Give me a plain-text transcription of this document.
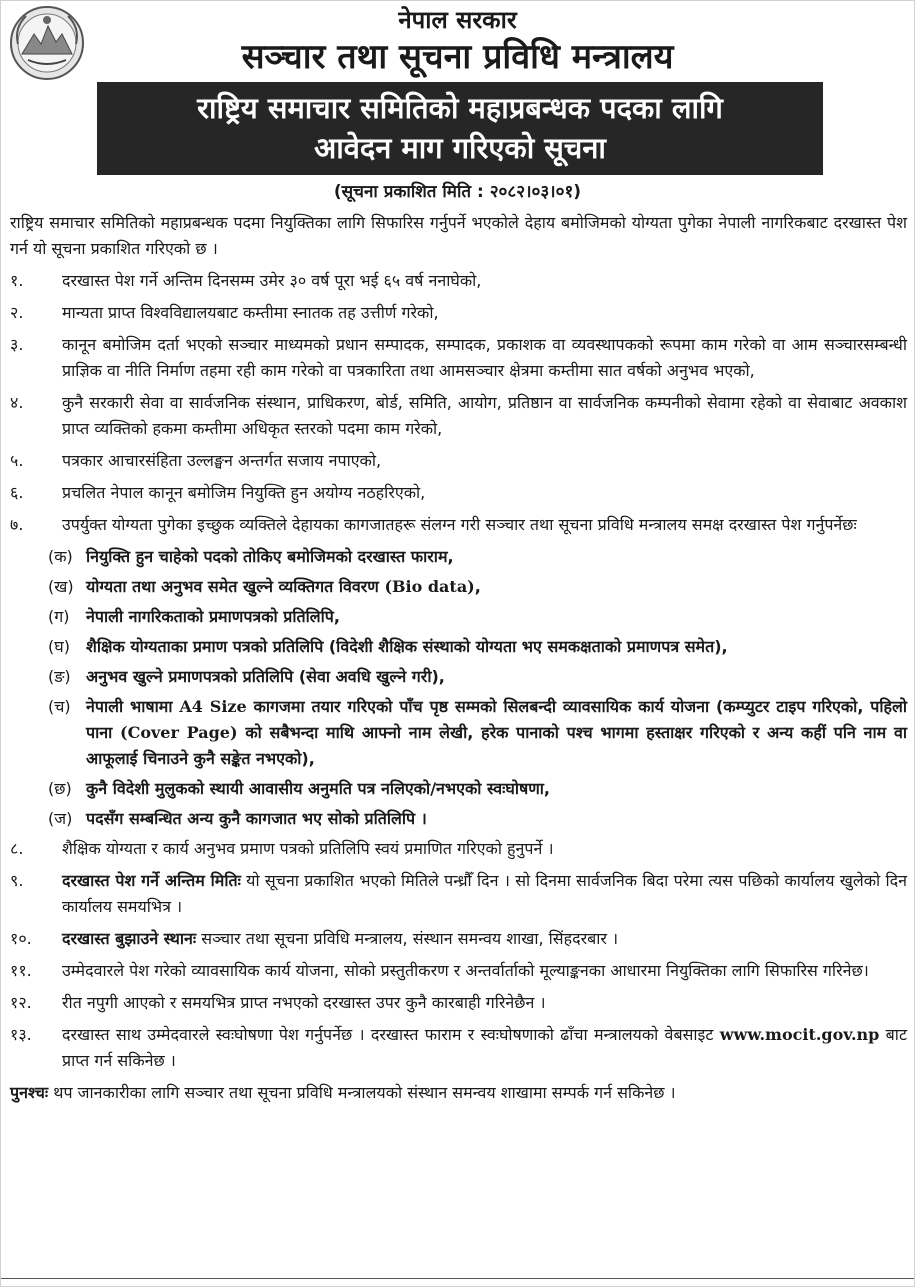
नेपाल सरकार
सञ्चार तथा सूचना प्रविधि मन्त्रालय
राष्ट्रिय समाचार समितिको महाप्रबन्धक पदका लागि
आवेदन माग गरिएको सूचना
(सूचना प्रकाशित मिति : २०८२।०३।०१)

राष्ट्रिय समाचार समितिको महाप्रबन्धक पदमा नियुक्तिका लागि सिफारिस गर्नुपर्ने भएकोले देहाय बमोजिमको योग्यता पुगेका नेपाली नागरिकबाट दरखास्त पेश गर्न यो सूचना प्रकाशित गरिएको छ ।

१.	दरखास्त पेश गर्ने अन्तिम दिनसम्म उमेर ३० वर्ष पूरा भई ६५ वर्ष ननाघेको,
२.	मान्यता प्राप्त विश्वविद्यालयबाट कम्तीमा स्नातक तह उत्तीर्ण गरेको,
३.	कानून बमोजिम दर्ता भएको सञ्चार माध्यमको प्रधान सम्पादक, सम्पादक, प्रकाशक वा व्यवस्थापकको रूपमा काम गरेको वा आम सञ्चारसम्बन्धी प्राज्ञिक वा नीति निर्माण तहमा रही काम गरेको वा पत्रकारिता तथा आमसञ्चार क्षेत्रमा कम्तीमा सात वर्षको अनुभव भएको,
४.	कुनै सरकारी सेवा वा सार्वजनिक संस्थान, प्राधिकरण, बोर्ड, समिति, आयोग, प्रतिष्ठान वा सार्वजनिक कम्पनीको सेवामा रहेको वा सेवाबाट अवकाश प्राप्त व्यक्तिको हकमा कम्तीमा अधिकृत स्तरको पदमा काम गरेको,
५.	पत्रकार आचारसंहिता उल्लङ्घन अन्तर्गत सजाय नपाएको,
६.	प्रचलित नेपाल कानून बमोजिम नियुक्ति हुन अयोग्य नठहरिएको,
७.	उपर्युक्त योग्यता पुगेका इच्छुक व्यक्तिले देहायका कागजातहरू संलग्न गरी सञ्चार तथा सूचना प्रविधि मन्त्रालय समक्ष दरखास्त पेश गर्नुपर्नेछः
(क) नियुक्ति हुन चाहेको पदको तोकिए बमोजिमको दरखास्त फाराम,
(ख) योग्यता तथा अनुभव समेत खुल्ने व्यक्तिगत विवरण (Bio data),
(ग)	नेपाली नागरिकताको प्रमाणपत्रको प्रतिलिपि,
(घ)	शैक्षिक योग्यताका प्रमाण पत्रको प्रतिलिपि (विदेशी शैक्षिक संस्थाको योग्यता भए समकक्षताको प्रमाणपत्र समेत),
(ङ) अनुभव खुल्ने प्रमाणपत्रको प्रतिलिपि (सेवा अवधि खुल्ने गरी),
(च) नेपाली भाषामा A4 Size कागजमा तयार गरिएको पाँच पृष्ठ सम्मको सिलबन्दी व्यावसायिक कार्य योजना (कम्प्युटर टाइप गरिएको, पहिलो पाना (Cover Page) को सबैभन्दा माथि आफ्नो नाम लेखी, हरेक पानाको पश्च भागमा हस्ताक्षर गरिएको र अन्य कहीं पनि नाम वा आफूलाई चिनाउने कुनै सङ्केत नभएको),
(छ) कुनै विदेशी मुलुकको स्थायी आवासीय अनुमति पत्र नलिएको/नभएको स्वःघोषणा,
(ज) पदसँग सम्बन्धित अन्य कुनै कागजात भए सोको प्रतिलिपि ।
८.	शैक्षिक योग्यता र कार्य अनुभव प्रमाण पत्रको प्रतिलिपि स्वयं प्रमाणित गरिएको हुनुपर्ने ।
९.	दरखास्त पेश गर्ने अन्तिम मितिः यो सूचना प्रकाशित भएको मितिले पन्ध्रौँ दिन । सो दिनमा सार्वजनिक बिदा परेमा त्यस पछिको कार्यालय खुलेको दिन कार्यालय समयभित्र ।
१०.	दरखास्त बुझाउने स्थानः सञ्चार तथा सूचना प्रविधि मन्त्रालय, संस्थान समन्वय शाखा, सिंहदरबार ।
११.	उम्मेदवारले पेश गरेको व्यावसायिक कार्य योजना, सोको प्रस्तुतीकरण र अन्तर्वार्ताको मूल्याङ्कनका आधारमा नियुक्तिका लागि सिफारिस गरिनेछ।
१२.	रीत नपुगी आएको र समयभित्र प्राप्त नभएको दरखास्त उपर कुनै कारबाही गरिनेछैन ।
१३.	दरखास्त साथ उम्मेदवारले स्वःघोषणा पेश गर्नुपर्नेछ । दरखास्त फाराम र स्वःघोषणाको ढाँचा मन्त्रालयको वेबसाइट www.mocit.gov.np बाट प्राप्त गर्न सकिनेछ ।
पुनश्चः थप जानकारीका लागि सञ्चार तथा सूचना प्रविधि मन्त्रालयको संस्थान समन्वय शाखामा सम्पर्क गर्न सकिनेछ ।
